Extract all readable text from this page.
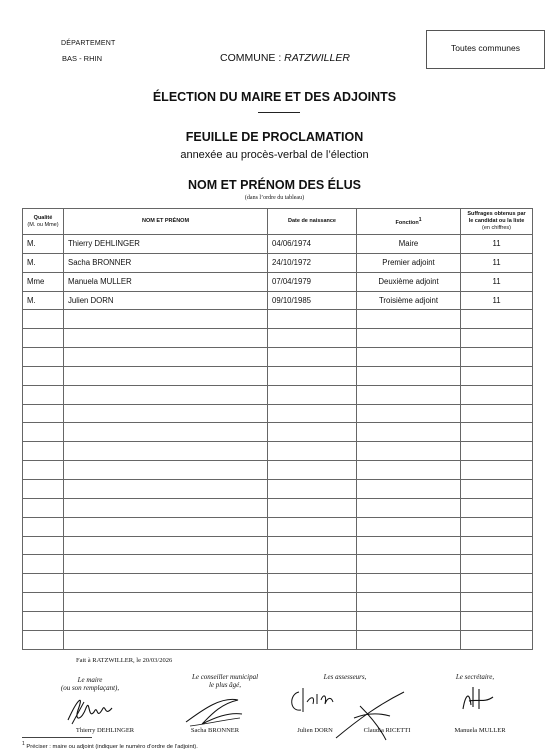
DÉPARTEMENT
BAS - RHIN	COMMUNE : RATZWILLER
Toutes communes
ÉLECTION DU MAIRE ET DES ADJOINTS
FEUILLE DE PROCLAMATION
annexée au procès-verbal de l’élection
NOM ET PRÉNOM DES ÉLUS
(dans l’ordre du tableau)
Qualité
(M. ou Mme)	NOM ET PRÉNOM	Date de naissance	Fonction$^1$	Suffrages obtenus par
le candidat ou la liste
(en chiffres)
M.	Thierry DEHLINGER	04/06/1974	Maire	11
M.	Sacha BRONNER	24/10/1972	Premier adjoint	11
Mme	Manuela MULLER	07/04/1979	Deuxième adjoint	11
M.	Julien DORN	09/10/1985	Troisième adjoint	11

Fait à RATZWILLER, le 20/03/2026
Le maire
(ou son remplaçant),
Le conseiller municipal
le plus âgé,
Les assesseurs,	Le secrétaire,
Thierry DEHLINGER	Sacha BRONNER	Julien DORN	Claudia RICETTI	Manuela MULLER
$^1$ Préciser : maire ou adjoint (indiquer le numéro d’ordre de l’adjoint).
